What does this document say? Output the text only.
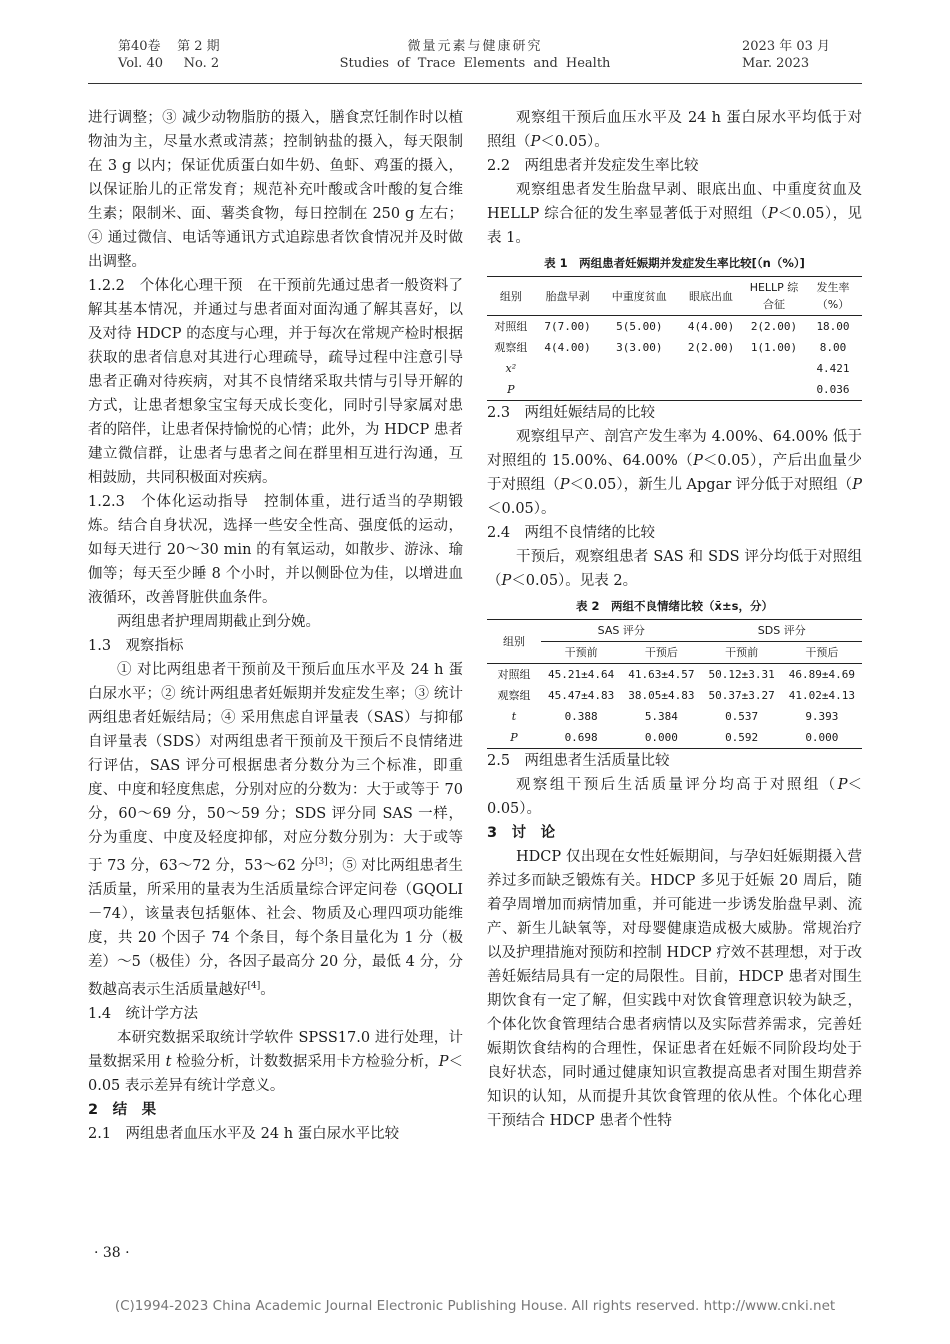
第40卷 第 2 期
Vol. 40 No. 2
微量元素与健康研究
Studies of Trace Elements and Health
2023 年 03 月
Mar. 2023

进行调整；③ 减少动物脂肪的摄入，膳食烹饪制作时以植物油为主，尽量水煮或清蒸；控制钠盐的摄入，每天限制在 3 g 以内；保证优质蛋白如牛奶、鱼虾、鸡蛋的摄入，以保证胎儿的正常发育；规范补充叶酸或含叶酸的复合维生素；限制米、面、薯类食物，每日控制在 250 g 左右；④ 通过微信、电话等通讯方式追踪患者饮食情况并及时做出调整。

1.2.2　个体化心理干预　在干预前先通过患者一般资料了解其基本情况，并通过与患者面对面沟通了解其喜好，以及对待 HDCP 的态度与心理，并于每次在常规产检时根据获取的患者信息对其进行心理疏导，疏导过程中注意引导患者正确对待疾病，对其不良情绪采取共情与引导开解的方式，让患者想象宝宝每天成长变化，同时引导家属对患者的陪伴，让患者保持愉悦的心情；此外，为 HDCP 患者建立微信群，让患者与患者之间在群里相互进行沟通，互相鼓励，共同积极面对疾病。

1.2.3　个体化运动指导　控制体重，进行适当的孕期锻炼。结合自身状况，选择一些安全性高、强度低的运动，如每天进行 20～30 min 的有氧运动，如散步、游泳、瑜伽等；每天至少睡 8 个小时，并以侧卧位为佳，以增进血液循环，改善肾脏供血条件。

两组患者护理周期截止到分娩。

1.3　观察指标

① 对比两组患者干预前及干预后血压水平及 24 h 蛋白尿水平；② 统计两组患者妊娠期并发症发生率；③ 统计两组患者妊娠结局；④ 采用焦虑自评量表（SAS）与抑郁自评量表（SDS）对两组患者干预前及干预后不良情绪进行评估，SAS 评分可根据患者分数分为三个标准，即重度、中度和轻度焦虑，分别对应的分数为：大于或等于 70 分，60～69 分，50～59 分；SDS 评分同 SAS 一样，分为重度、中度及轻度抑郁，对应分数分别为：大于或等于 73 分，63～72 分，53～62 分[3]；⑤ 对比两组患者生活质量，所采用的量表为生活质量综合评定问卷（GQOLI－74），该量表包括躯体、社会、物质及心理四项功能维度，共 20 个因子 74 个条目，每个条目量化为 1 分（极差）～5（极佳）分，各因子最高分 20 分，最低 4 分，分数越高表示生活质量越好[4]。

1.4　统计学方法

本研究数据采取统计学软件 SPSS17.0 进行处理，计量数据采用 t 检验分析，计数数据采用卡方检验分析，P＜0.05 表示差异有统计学意义。

2　结　果

2.1　两组患者血压水平及 24 h 蛋白尿水平比较

· 38 ·

观察组干预后血压水平及 24 h 蛋白尿水平均低于对照组（P＜0.05）。

2.2　两组患者并发症发生率比较

观察组患者发生胎盘早剥、眼底出血、中重度贫血及 HELLP 综合征的发生率显著低于对照组（P＜0.05），见表 1。

表 1　两组患者妊娠期并发症发生率比较[（n（%）]
组别	胎盘早剥	中重度贫血	眼底出血	HELLP 综合征	发生率（%）
对照组	7(7.00)	5(5.00)	4(4.00)	2(2.00)	18.00
观察组	4(4.00)	3(3.00)	2(2.00)	1(1.00)	8.00
x²					4.421
P					0.036

2.3　两组妊娠结局的比较

观察组早产、剖宫产发生率为 4.00%、64.00% 低于对照组的 15.00%、64.00%（P＜0.05），产后出血量少于对照组（P＜0.05），新生儿 Apgar 评分低于对照组（P＜0.05）。

2.4　两组不良情绪的比较

干预后，观察组患者 SAS 和 SDS 评分均低于对照组（P＜0.05）。见表 2。

表 2　两组不良情绪比较（x̄±s，分）
组别	SAS 评分		SDS 评分	
	干预前	干预后	干预前	干预后
对照组	45.21±4.64	41.63±4.57	50.12±3.31	46.89±4.69
观察组	45.47±4.83	38.05±4.83	50.37±3.27	41.02±4.13
t	0.388	5.384	0.537	9.393
P	0.698	0.000	0.592	0.000

2.5　两组患者生活质量比较

观察组干预后生活质量评分均高于对照组（P＜0.05）。

3　讨　论

HDCP 仅出现在女性妊娠期间，与孕妇妊娠期摄入营养过多而缺乏锻炼有关。HDCP 多见于妊娠 20 周后，随着孕周增加而病情加重，并可能进一步诱发胎盘早剥、流产、新生儿缺氧等，对母婴健康造成极大威胁。常规治疗以及护理措施对预防和控制 HDCP 疗效不甚理想，对于改善妊娠结局具有一定的局限性。目前，HDCP 患者对围生期饮食有一定了解，但实践中对饮食管理意识较为缺乏，个体化饮食管理结合患者病情以及实际营养需求，完善妊娠期饮食结构的合理性，保证患者在妊娠不同阶段均处于良好状态，同时通过健康知识宣教提高患者对围生期营养知识的认知，从而提升其饮食管理的依从性。个体化心理干预结合 HDCP 患者个性特

(C)1994-2023 China Academic Journal Electronic Publishing House. All rights reserved. http://www.cnki.net
